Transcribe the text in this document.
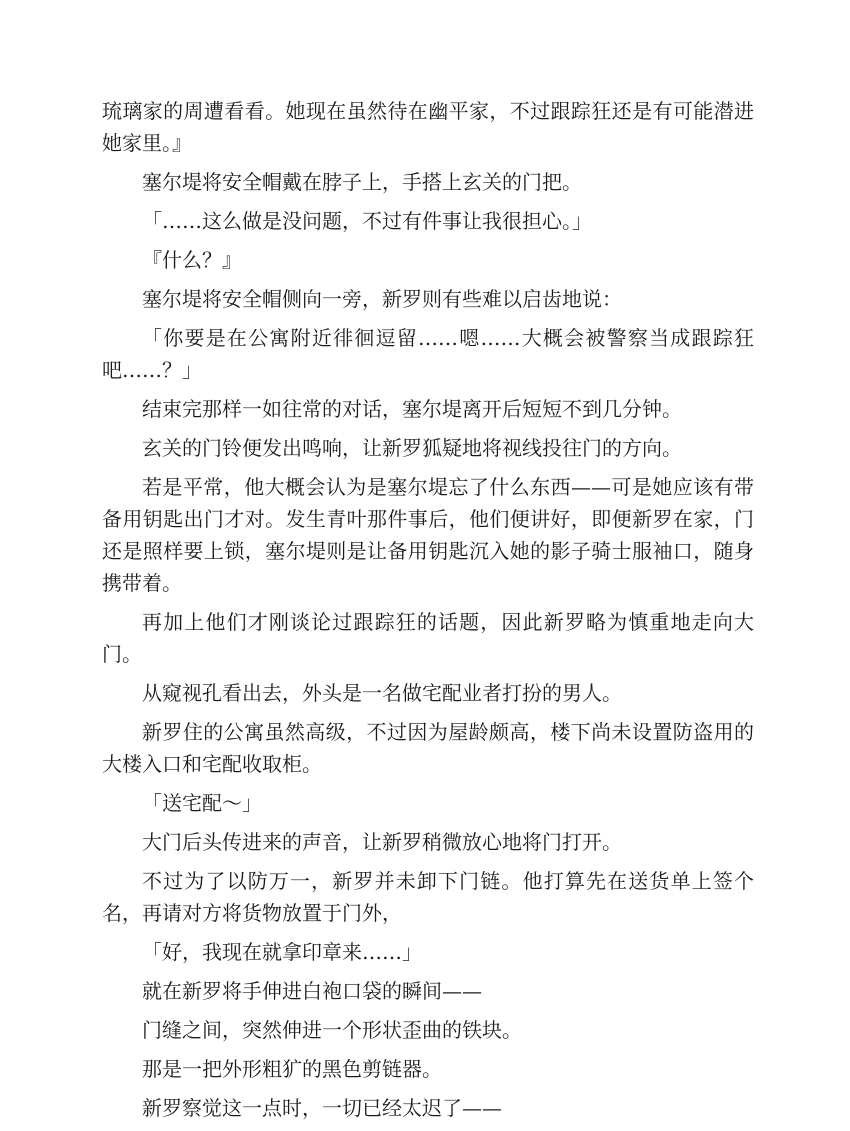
琉璃家的周遭看看。她现在虽然待在幽平家，不过跟踪狂还是有可能潜进她家里。』

塞尔堤将安全帽戴在脖子上，手搭上玄关的门把。

「……这么做是没问题，不过有件事让我很担心。」

『什么？』

塞尔堤将安全帽侧向一旁，新罗则有些难以启齿地说：

「你要是在公寓附近徘徊逗留……嗯……大概会被警察当成跟踪狂吧……？」

结束完那样一如往常的对话，塞尔堤离开后短短不到几分钟。

玄关的门铃便发出鸣响，让新罗狐疑地将视线投往门的方向。

若是平常，他大概会认为是塞尔堤忘了什么东西——可是她应该有带备用钥匙出门才对。发生青叶那件事后，他们便讲好，即便新罗在家，门还是照样要上锁，塞尔堤则是让备用钥匙沉入她的影子骑士服袖口，随身携带着。

再加上他们才刚谈论过跟踪狂的话题，因此新罗略为慎重地走向大门。

从窥视孔看出去，外头是一名做宅配业者打扮的男人。

新罗住的公寓虽然高级，不过因为屋龄颇高，楼下尚未设置防盗用的大楼入口和宅配收取柜。

「送宅配～」

大门后头传进来的声音，让新罗稍微放心地将门打开。

不过为了以防万一，新罗并未卸下门链。他打算先在送货单上签个名，再请对方将货物放置于门外，

「好，我现在就拿印章来……」

就在新罗将手伸进白袍口袋的瞬间——

门缝之间，突然伸进一个形状歪曲的铁块。

那是一把外形粗犷的黑色剪链器。

新罗察觉这一点时，一切已经太迟了——
